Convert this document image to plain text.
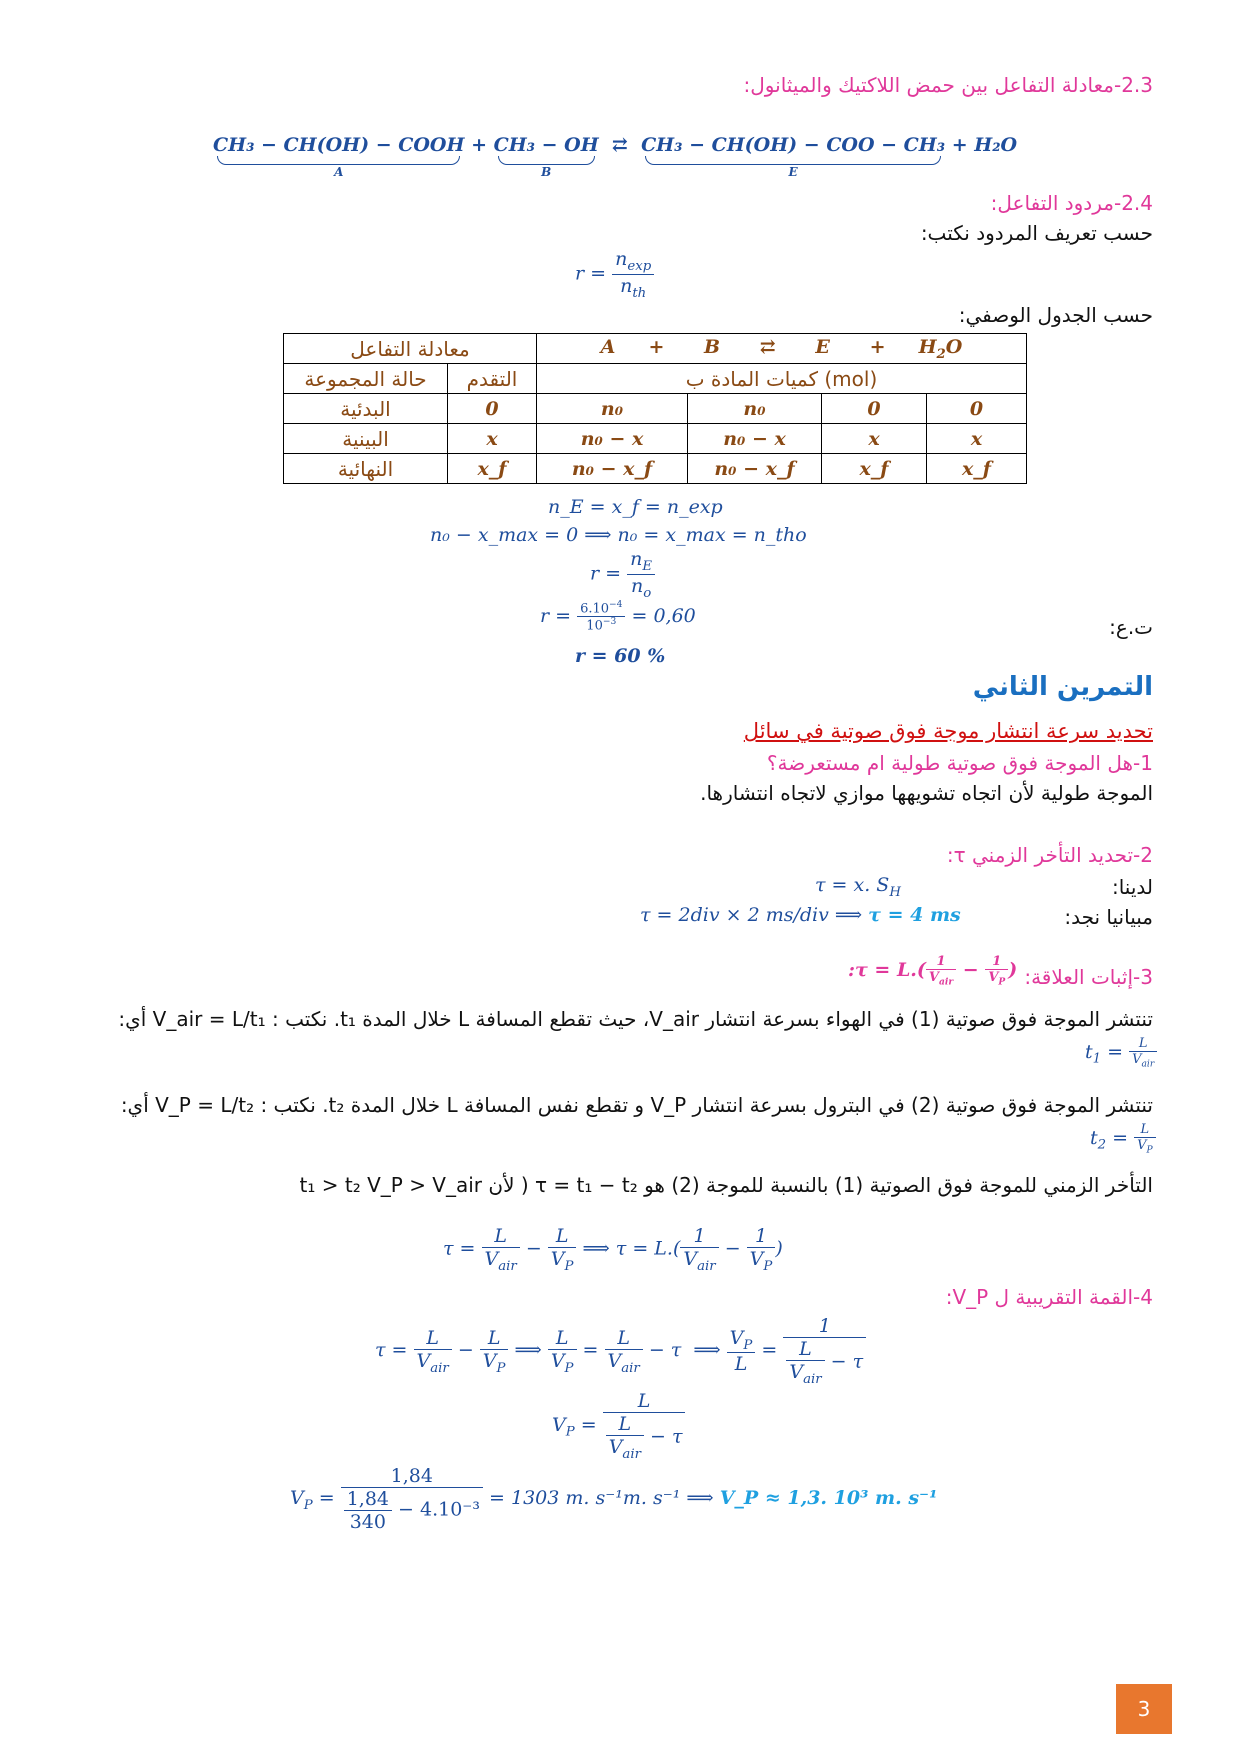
2.3-معادلة التفاعل بين حمض اللاكتيك والميثانول:
CH₃ − CH(OH) − COOH
A
+ CH₃ − OH
B
⇄ CH₃ − CH(OH) − COO − CH₃
E
+ H₂O
2.4-مردود التفاعل:
حسب تعريف المردود نكتب:
$r = \frac{n_{exp}}{n_{th}}$
حسب الجدول الوصفي:
معادلة التفاعل		A     +      B      ⇄      E      +     $H_2O$			
حالة المجموعة	التقدم	كميات المادة ب (mol)			
البدئية	0	n₀	n₀	0	0
البينية	x	n₀ − x	n₀ − x	x	x
النهائية	x_f	n₀ − x_f	n₀ − x_f	x_f	x_f
n_E = x_f = n_exp
n₀ − x_max = 0 ⟹ n₀ = x_max = n_tho
$r = \frac{n_E}{n_o}$
ت.ع:
$r = \frac{6.10^{-4}}{10^{-3}} = 0,60$
r = 60 %
التمرين الثاني
تحديد سرعة انتشار موجة فوق صوتية في سائل
1-هل الموجة فوق صوتية طولية ام مستعرضة؟
الموجة طولية لأن اتجاه تشويهها موازي لاتجاه انتشارها.
2-تحديد التأخر الزمني τ:
لدينا:
τ = x. $S_H$
مبيانيا نجد:
τ = 2div × 2 ms/div ⟹ τ = 4 ms
3-إثبات العلاقة:
:τ = $L.( \frac{1}{V_{air}} - \frac{1}{V_P}$ )
تنتشر الموجة فوق صوتية (1) في الهواء بسرعة انتشار V_air، حيث تقطع المسافة L خلال المدة t₁. نكتب : V_air = L/t₁ أي:
$t_1 = \frac{L}{V_{air}}$
تنتشر الموجة فوق صوتية (2) في البترول بسرعة انتشار V_P و تقطع نفس المسافة L خلال المدة t₂. نكتب : V_P = L/t₂ أي:
$t_2 = \frac{L}{V_P}$
التأخر الزمني للموجة فوق الصوتية (1) بالنسبة للموجة (2) هو τ = t₁ − t₂ ( لأن t₁ > t₂ V_P > V_air
$\tau = \frac{L}{V_{air}} - \frac{L}{V_P}$ ⟹ $\tau = L.( \frac{1}{V_{air}} - \frac{1}{V_P}$ )
4-القمة التقريبية ل V_P:
$\tau = \frac{L}{V_{air}} - \frac{L}{V_P}$ ⟹ $\frac{L}{V_P} = \frac{L}{V_{air}} - \tau$  ⟹ $\frac{V_P}{L} = \frac{1}{\frac{L}{V_{air}} - \tau}$
$V_P = \frac{L}{\frac{L}{V_{air}} - \tau}$
$V_P = \frac{1,84}{\frac{1,84}{340} - 4.10^{-3}} = 1303$ m. s⁻¹m. s⁻¹ ⟹ V_P ≈ 1,3. 10³ m. s⁻¹
3
